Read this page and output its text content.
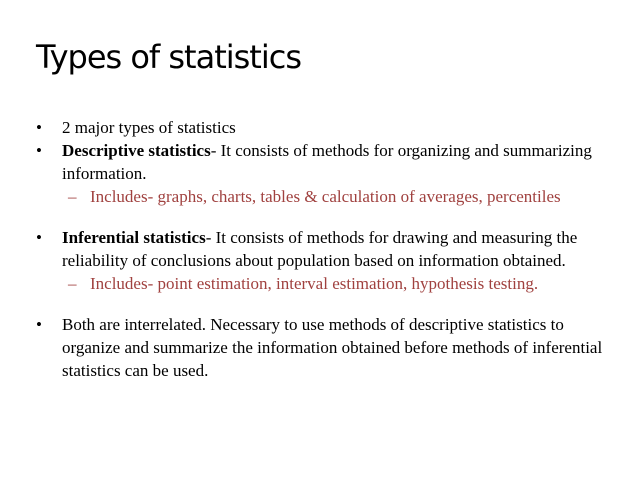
Types of statistics
• 2 major types of statistics
• Descriptive statistics- It consists of methods for organizing and summarizing information.
– Includes- graphs, charts, tables & calculation of averages, percentiles
• Inferential statistics- It consists of methods for drawing and measuring the reliability of conclusions about population based on information obtained.
– Includes- point estimation, interval estimation, hypothesis testing.
• Both are interrelated. Necessary to use methods of descriptive statistics to organize and summarize the information obtained before methods of inferential statistics can be used.
